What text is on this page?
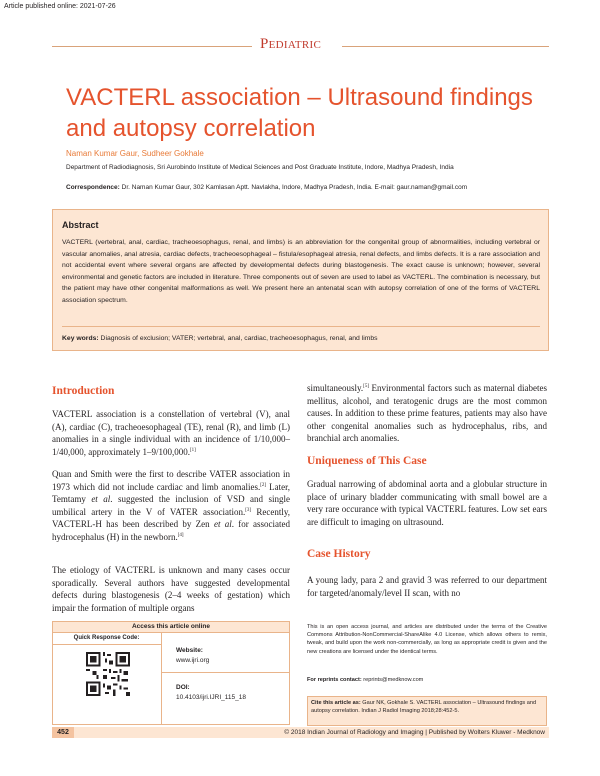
Article published online: 2021-07-26
Pediatric
VACTERL association – Ultrasound findings and autopsy correlation
Naman Kumar Gaur, Sudheer Gokhale
Department of Radiodiagnosis, Sri Aurobindo Institute of Medical Sciences and Post Graduate Institute, Indore, Madhya Pradesh, India
Correspondence: Dr. Naman Kumar Gaur, 302 Kamlasan Aptt. Navlakha, Indore, Madhya Pradesh, India. E-mail: gaur.naman@gmail.com
Abstract
VACTERL (vertebral, anal, cardiac, tracheoesophagus, renal, and limbs) is an abbreviation for the congenital group of abnormalities, including vertebral or vascular anomalies, anal atresia, cardiac defects, tracheoesophageal – fistula/esophageal atresia, renal defects, and limbs defects. It is a rare association and not accidental event where several organs are affected by developmental defects during blastogenesis. The exact cause is unknown; however, several environmental and genetic factors are included in literature. Three components out of seven are used to label as VACTERL. The combination is necessary, but the patient may have other congenital malformations as well. We present here an antenatal scan with autopsy correlation of one of the forms of VACTERL association spectrum.
Key words: Diagnosis of exclusion; VATER; vertebral, anal, cardiac, tracheoesophagus, renal, and limbs
Introduction
VACTERL association is a constellation of vertebral (V), anal (A), cardiac (C), tracheoesophageal (TE), renal (R), and limb (L) anomalies in a single individual with an incidence of 1/10,000–1/40,000, approximately 1–9/100,000.[1]
Quan and Smith were the first to describe VATER association in 1973 which did not include cardiac and limb anomalies.[2] Later, Temtamy et al. suggested the inclusion of VSD and single umbilical artery in the V of VATER association.[3] Recently, VACTERL-H has been described by Zen et al. for associated hydrocephalus (H) in the newborn.[4]
The etiology of VACTERL is unknown and many cases occur sporadically. Several authors have suggested developmental defects during blastogenesis (2–4 weeks of gestation) which impair the formation of multiple organs
simultaneously.[5] Environmental factors such as maternal diabetes mellitus, alcohol, and teratogenic drugs are the most common causes. In addition to these prime features, patients may also have other congenital anomalies such as hydrocephalus, ribs, and branchial arch anomalies.
Uniqueness of This Case
Gradual narrowing of abdominal aorta and a globular structure in place of urinary bladder communicating with small bowel are a very rare occurance with typical VACTERL features. Low set ears are difficult to imaging on ultrasound.
Case History
A young lady, para 2 and gravid 3 was referred to our department for targeted/anomaly/level II scan, with no
Access this article online
Quick Response Code:
Website:
www.ijri.org
DOI:
10.4103/ijri.IJRI_115_18
This is an open access journal, and articles are distributed under the terms of the Creative Commons Attribution-NonCommercial-ShareAlike 4.0 License, which allows others to remix, tweak, and build upon the work non-commercially, as long as appropriate credit is given and the new creations are licensed under the identical terms.
For reprints contact: reprints@medknow.com
Cite this article as: Gaur NK, Gokhale S. VACTERL association – Ultrasound findings and autopsy correlation. Indian J Radiol Imaging 2018;28:452-5.
452	© 2018 Indian Journal of Radiology and Imaging | Published by Wolters Kluwer - Medknow
